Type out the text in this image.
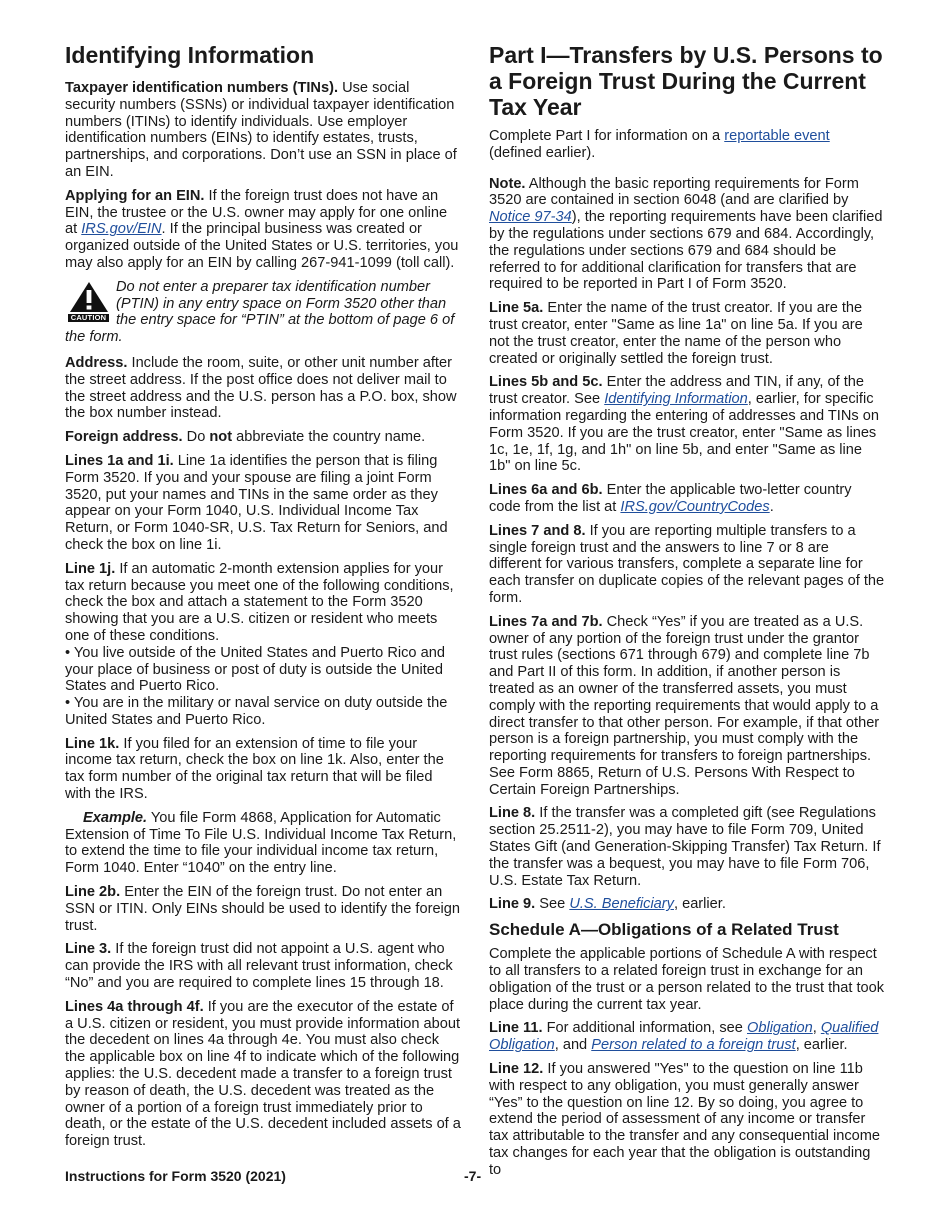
Identifying Information

Taxpayer identification numbers (TINs). Use social security numbers (SSNs) or individual taxpayer identification numbers (ITINs) to identify individuals. Use employer identification numbers (EINs) to identify estates, trusts, partnerships, and corporations. Don’t use an SSN in place of an EIN.

Applying for an EIN. If the foreign trust does not have an EIN, the trustee or the U.S. owner may apply for one online at IRS.gov/EIN. If the principal business was created or organized outside of the United States or U.S. territories, you may also apply for an EIN by calling 267-941-1099 (toll call).

CAUTION
Do not enter a preparer tax identification number (PTIN) in any entry space on Form 3520 other than the entry space for “PTIN” at the bottom of page 6 of the form.

Address. Include the room, suite, or other unit number after the street address. If the post office does not deliver mail to the street address and the U.S. person has a P.O. box, show the box number instead.

Foreign address. Do not abbreviate the country name.

Lines 1a and 1i. Line 1a identifies the person that is filing Form 3520. If you and your spouse are filing a joint Form 3520, put your names and TINs in the same order as they appear on your Form 1040, U.S. Individual Income Tax Return, or Form 1040-SR, U.S. Tax Return for Seniors, and check the box on line 1i.

Line 1j. If an automatic 2-month extension applies for your tax return because you meet one of the following conditions, check the box and attach a statement to the Form 3520 showing that you are a U.S. citizen or resident who meets one of these conditions.

• You live outside of the United States and Puerto Rico and your place of business or post of duty is outside the United States and Puerto Rico.

• You are in the military or naval service on duty outside the United States and Puerto Rico.

Line 1k. If you filed for an extension of time to file your income tax return, check the box on line 1k. Also, enter the tax form number of the original tax return that will be filed with the IRS.

Example. You file Form 4868, Application for Automatic Extension of Time To File U.S. Individual Income Tax Return, to extend the time to file your individual income tax return, Form 1040. Enter “1040” on the entry line.

Line 2b. Enter the EIN of the foreign trust. Do not enter an SSN or ITIN. Only EINs should be used to identify the foreign trust.

Line 3. If the foreign trust did not appoint a U.S. agent who can provide the IRS with all relevant trust information, check “No” and you are required to complete lines 15 through 18.

Lines 4a through 4f. If you are the executor of the estate of a U.S. citizen or resident, you must provide information about the decedent on lines 4a through 4e. You must also check the applicable box on line 4f to indicate which of the following applies: the U.S. decedent made a transfer to a foreign trust by reason of death, the U.S. decedent was treated as the owner of a portion of a foreign trust immediately prior to death, or the estate of the U.S. decedent included assets of a foreign trust.

Part I—Transfers by U.S. Persons to a Foreign Trust During the Current Tax Year

Complete Part I for information on a reportable event (defined earlier).

Note. Although the basic reporting requirements for Form 3520 are contained in section 6048 (and are clarified by Notice 97-34), the reporting requirements have been clarified by the regulations under sections 679 and 684. Accordingly, the regulations under sections 679 and 684 should be referred to for additional clarification for transfers that are required to be reported in Part I of Form 3520.

Line 5a. Enter the name of the trust creator. If you are the trust creator, enter "Same as line 1a" on line 5a. If you are not the trust creator, enter the name of the person who created or originally settled the foreign trust.

Lines 5b and 5c. Enter the address and TIN, if any, of the trust creator. See Identifying Information, earlier, for specific information regarding the entering of addresses and TINs on Form 3520. If you are the trust creator, enter "Same as lines 1c, 1e, 1f, 1g, and 1h" on line 5b, and enter "Same as line 1b" on line 5c.

Lines 6a and 6b. Enter the applicable two-letter country code from the list at IRS.gov/CountryCodes.

Lines 7 and 8. If you are reporting multiple transfers to a single foreign trust and the answers to line 7 or 8 are different for various transfers, complete a separate line for each transfer on duplicate copies of the relevant pages of the form.

Lines 7a and 7b. Check “Yes” if you are treated as a U.S. owner of any portion of the foreign trust under the grantor trust rules (sections 671 through 679) and complete line 7b and Part II of this form. In addition, if another person is treated as an owner of the transferred assets, you must comply with the reporting requirements that would apply to a direct transfer to that other person. For example, if that other person is a foreign partnership, you must comply with the reporting requirements for transfers to foreign partnerships. See Form 8865, Return of U.S. Persons With Respect to Certain Foreign Partnerships.

Line 8. If the transfer was a completed gift (see Regulations section 25.2511-2), you may have to file Form 709, United States Gift (and Generation-Skipping Transfer) Tax Return. If the transfer was a bequest, you may have to file Form 706, U.S. Estate Tax Return.

Line 9. See U.S. Beneficiary, earlier.

Schedule A—Obligations of a Related Trust

Complete the applicable portions of Schedule A with respect to all transfers to a related foreign trust in exchange for an obligation of the trust or a person related to the trust that took place during the current tax year.

Line 11. For additional information, see Obligation, Qualified Obligation, and Person related to a foreign trust, earlier.

Line 12. If you answered "Yes" to the question on line 11b with respect to any obligation, you must generally answer “Yes” to the question on line 12. By so doing, you agree to extend the period of assessment of any income or transfer tax attributable to the transfer and any consequential income tax changes for each year that the obligation is outstanding to

Instructions for Form 3520 (2021)	-7-
